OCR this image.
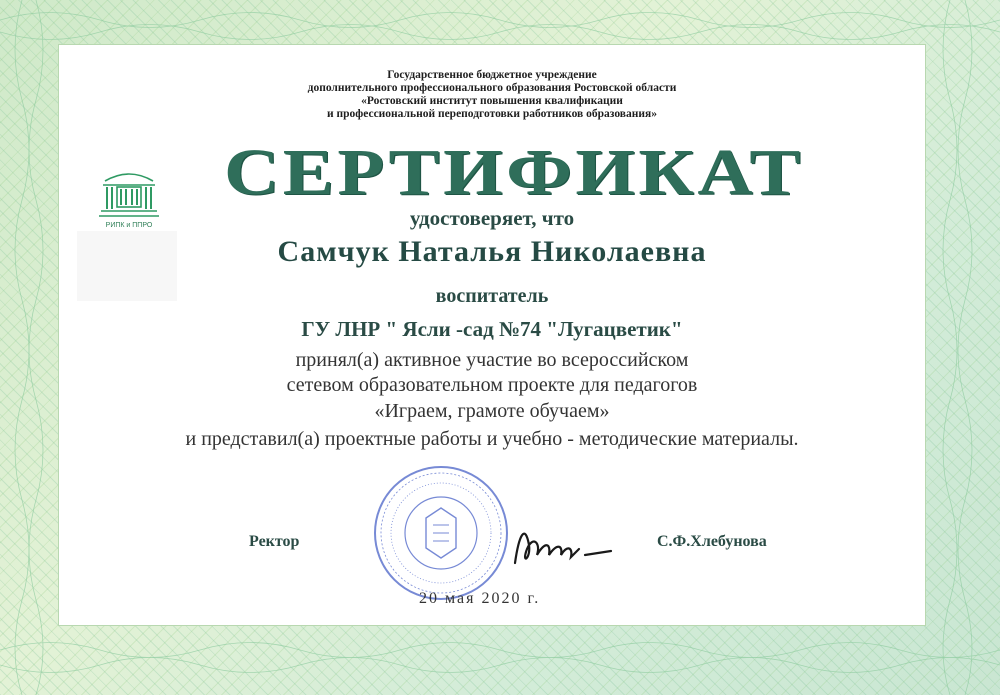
Государственное бюджетное учреждение
дополнительного профессионального образования Ростовской области
«Ростовский институт повышения квалификации
и профессиональной переподготовки работников образования»
РИПК и ППРО
СЕРТИФИКАТ
удостоверяет, что
Самчук Наталья Николаевна
воспитатель
ГУ ЛНР " Ясли -сад №74 "Лугацветик"
принял(а) активное участие во всероссийском
сетевом образовательном проекте для педагогов
«Играем, грамоте обучаем»
и представил(а) проектные работы и учебно - методические материалы.
Ректор	С.Ф.Хлебунова
20 мая 2020 г.
